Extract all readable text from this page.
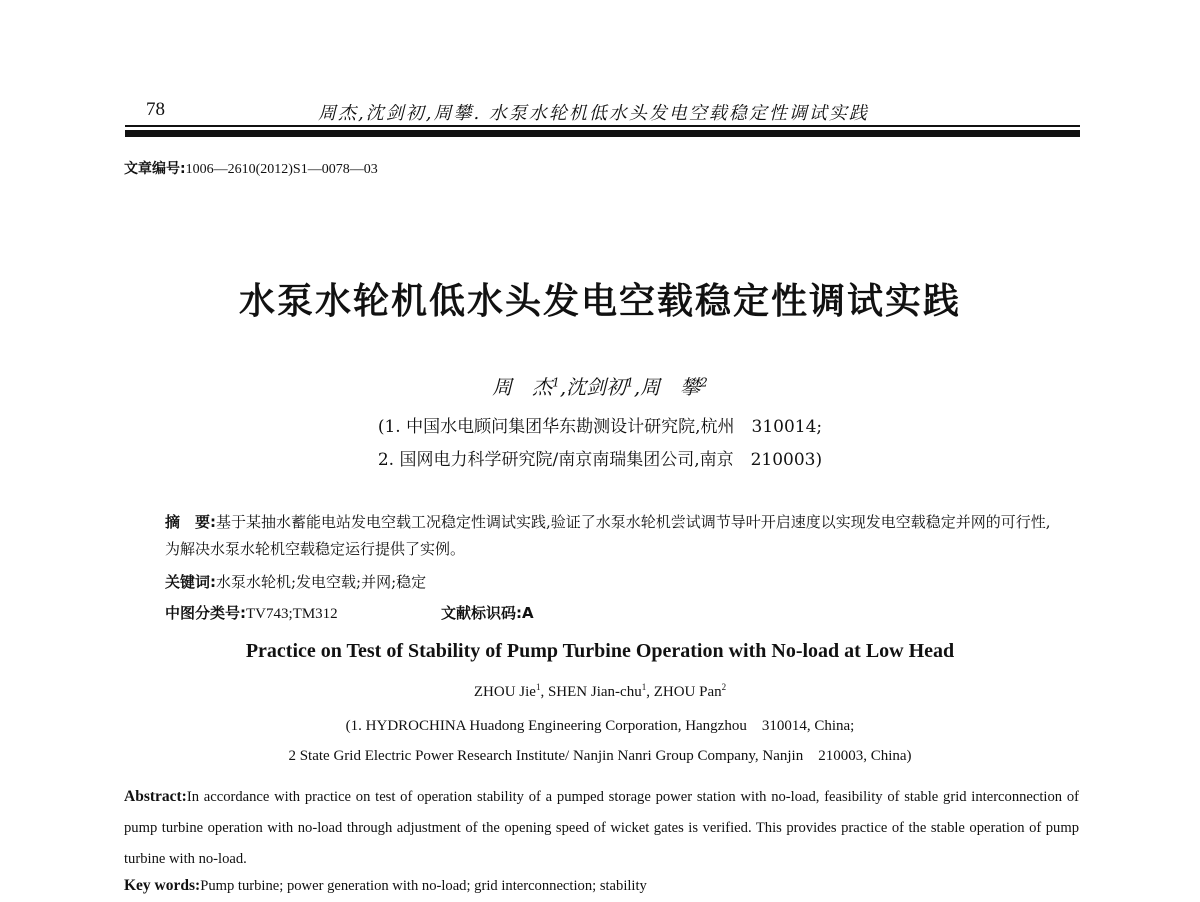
78	周杰,沈剑初,周攀. 水泵水轮机低水头发电空载稳定性调试实践
文章编号:1006—2610(2012)S1—0078—03
水泵水轮机低水头发电空载稳定性调试实践
周　杰$^1$,沈剑初$^1$,周　攀$^2$
(1. 中国水电顾问集团华东勘测设计研究院,杭州　310014;
2. 国网电力科学研究院/南京南瑞集团公司,南京　210003)
摘　要:基于某抽水蓄能电站发电空载工况稳定性调试实践,验证了水泵水轮机尝试调节导叶开启速度以实现发电空载稳定并网的可行性,为解决水泵水轮机空载稳定运行提供了实例。
关键词:水泵水轮机;发电空载;并网;稳定
中图分类号:TV743;TM312	文献标识码:A
Practice on Test of Stability of Pump Turbine Operation with No-load at Low Head
ZHOU Jie$^1$, SHEN Jian-chu$^1$, ZHOU Pan$^2$
(1. HYDROCHINA Huadong Engineering Corporation, Hangzhou　310014, China;
2 State Grid Electric Power Research Institute/ Nanjin Nanri Group Company, Nanjin　210003, China)
Abstract:In accordance with practice on test of operation stability of a pumped storage power station with no-load, feasibility of stable grid interconnection of pump turbine operation with no-load through adjustment of the opening speed of wicket gates is verified. This provides practice of the stable operation of pump turbine with no-load.
Key words:Pump turbine; power generation with no-load; grid interconnection; stability
